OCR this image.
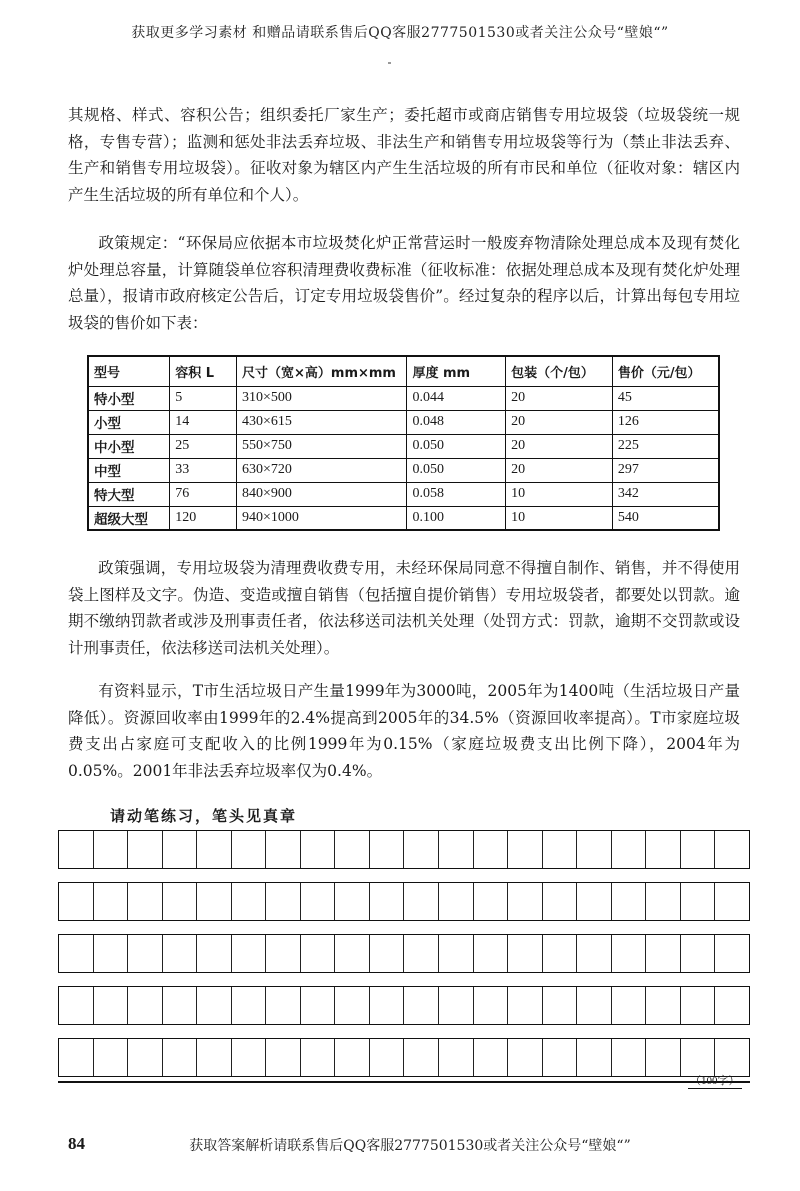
获取更多学习素材 和赠品请联系售后QQ客服2777501530或者关注公众号“壁娘“”

其规格、样式、容积公告；组织委托厂家生产；委托超市或商店销售专用垃圾袋（垃圾袋统一规格，专售专营）；监测和惩处非法丢弃垃圾、非法生产和销售专用垃圾袋等行为（禁止非法丢弃、生产和销售专用垃圾袋）。征收对象为辖区内产生生活垃圾的所有市民和单位（征收对象：辖区内产生生活垃圾的所有单位和个人）。

政策规定：“环保局应依据本市垃圾焚化炉正常营运时一般废弃物清除处理总成本及现有焚化炉处理总容量，计算随袋单位容积清理费收费标准（征收标准：依据处理总成本及现有焚化炉处理总量），报请市政府核定公告后，订定专用垃圾袋售价”。经过复杂的程序以后，计算出每包专用垃圾袋的售价如下表：

型号	容积 L	尺寸（宽×高）mm×mm	厚度 mm	包装（个/包）	售价（元/包）
特小型	5	310×500	0.044	20	45
小型	14	430×615	0.048	20	126
中小型	25	550×750	0.050	20	225
中型	33	630×720	0.050	20	297
特大型	76	840×900	0.058	10	342
超级大型	120	940×1000	0.100	10	540

政策强调，专用垃圾袋为清理费收费专用，未经环保局同意不得擅自制作、销售，并不得使用袋上图样及文字。伪造、变造或擅自销售（包括擅自提价销售）专用垃圾袋者，都要处以罚款。逾期不缴纳罚款者或涉及刑事责任者，依法移送司法机关处理（处罚方式：罚款，逾期不交罚款或设计刑事责任，依法移送司法机关处理）。

有资料显示，T市生活垃圾日产生量1999年为3000吨，2005年为1400吨（生活垃圾日产量降低）。资源回收率由1999年的2.4%提高到2005年的34.5%（资源回收率提高）。T市家庭垃圾费支出占家庭可支配收入的比例1999年为0.15%（家庭垃圾费支出比例下降），2004年为0.05%。2001年非法丢弃垃圾率仅为0.4%。

请动笔练习，笔头见真章
（100字）
84	获取答案解析请联系售后QQ客服2777501530或者关注公众号“壁娘“”
